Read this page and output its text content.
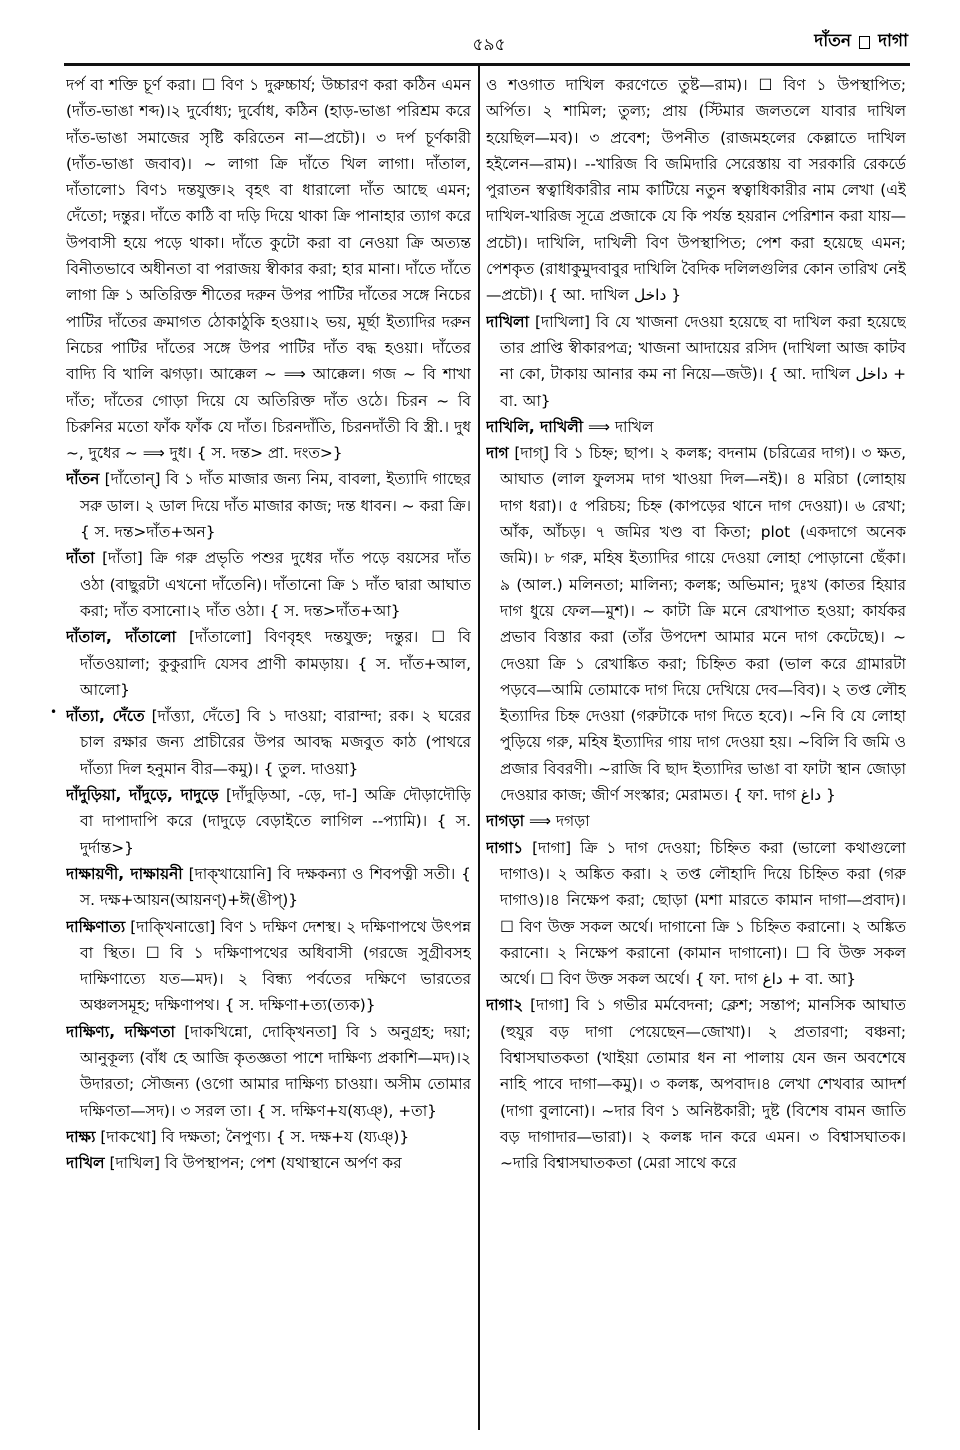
৫৯৫	দাঁতন দাগা
•

দর্প বা শক্তি চূর্ণ করা। ☐ বিণ ১ দুরুচ্চার্য; উচ্চারণ করা কঠিন এমন (দাঁত-ভাঙা শব্দ)।২ দুর্বোধ্য; দুর্বোধ, কঠিন (হাড়-ভাঙা পরিশ্রম করে দাঁত-ভাঙা সমাজের সৃষ্টি করিতেন না—প্রচৌ)। ৩ দর্প চূর্ণকারী (দাঁত-ভাঙা জবাব)। ~ লাগা ক্রি দাঁতে খিল লাগা। দাঁতাল, দাঁতালো১ বিণ১ দন্তযুক্ত।২ বৃহৎ বা ধারালো দাঁত আছে এমন; দেঁতো; দন্তুর। দাঁতে কাঠি বা দড়ি দিয়ে থাকা ক্রি পানাহার ত্যাগ করে উপবাসী হয়ে পড়ে থাকা। দাঁতে কুটো করা বা নেওয়া ক্রি অত্যন্ত বিনীতভাবে অধীনতা বা পরাজয় স্বীকার করা; হার মানা। দাঁতে দাঁতে লাগা ক্রি ১ অতিরিক্ত শীতের দরুন উপর পাটির দাঁতের সঙ্গে নিচের পাটির দাঁতের ক্রমাগত ঠোকাঠুকি হওয়া।২ ভয়, মূর্ছা ইত্যাদির দরুন নিচের পাটির দাঁতের সঙ্গে উপর পাটির দাঁত বদ্ধ হওয়া। দাঁতের বাদ্যি বি খালি ঝগড়া। আক্কেল ~ ⟹ আক্কেল। গজ ~ বি শাখা দাঁত; দাঁতের গোড়া দিয়ে যে অতিরিক্ত দাঁত ওঠে। চিরন ~ বি চিরুনির মতো ফাঁক ফাঁক যে দাঁত। চিরনদাঁতি, চিরনদাঁতী বি স্ত্রী.। দুধ ~, দুধের ~ ⟹ দুধ। { স. দন্ত> প্রা. দংত>}

দাঁতন [দাঁতোন্] বি ১ দাঁত মাজার জন্য নিম, বাবলা, ইত্যাদি গাছের সরু ডাল। ২ ডাল দিয়ে দাঁত মাজার কাজ; দন্ত ধাবন। ~ করা ক্রি। { স. দন্ত>দাঁত+অন}

দাঁতা [দাঁতা] ক্রি গরু প্রভৃতি পশুর দুধের দাঁত পড়ে বয়সের দাঁত ওঠা (বাছুরটা এখনো দাঁতেনি)। দাঁতানো ক্রি ১ দাঁত দ্বারা আঘাত করা; দাঁত বসানো।২ দাঁত ওঠা। { স. দন্ত>দাঁত+আ}

দাঁতাল, দাঁতালো [দাঁতালো] বিণবৃহৎ দন্তযুক্ত; দন্তুর। ☐ বি দাঁতওয়ালা; কুকুরাদি যেসব প্রাণী কামড়ায়। { স. দাঁত+আল, আলো}

দাঁত্যা, দেঁতে [দাঁত্ত্যা, দেঁতে] বি ১ দাওয়া; বারান্দা; রক। ২ ঘরের চাল রক্ষার জন্য প্রাচীরের উপর আবদ্ধ মজবুত কাঠ (পাথরে দাঁত্যা দিল হনুমান বীর—কমু)। { তুল. দাওয়া}

দাঁদুড়িয়া, দাঁদুড়ে, দাদুড়ে [দাঁদুড়িআ, -ড়ে, দা-] অক্রি দৌড়াদৌড়ি বা দাপাদাপি করে (দাদুড়ে বেড়াইতে লাগিল --প্যামি)। { স. দুর্দান্ত>}

দাক্ষায়ণী, দাক্ষায়নী [দাক্খায়োনি] বি দক্ষকন্যা ও শিবপত্নী সতী। { স. দক্ষ+আয়ন(আয়নণ্)+ঈ(ঙীপ্)}

দাক্ষিণাত্য [দাক্খিনাত্তো] বিণ ১ দক্ষিণ দেশস্থ। ২ দক্ষিণাপথে উৎপন্ন বা স্থিত। ☐ বি ১ দক্ষিণাপথের অধিবাসী (গরজে সুগ্রীবসহ দাক্ষিণাত্যে যত—মদ)। ২ বিন্ধ্য পর্বতের দক্ষিণে ভারতের অঞ্চলসমূহ; দক্ষিণাপথ। { স. দক্ষিণা+ত্য(ত্যক)}

দাক্ষিণ্য, দক্ষিণতা [দাকখিন্নো, দোক্খিনতা] বি ১ অনুগ্রহ; দয়া; আনুকূল্য (বাঁধ হে আজি কৃতজ্ঞতা পাশে দাক্ষিণ্য প্রকাশি—মদ)।২ উদারতা; সৌজন্য (ওগো আমার দাক্ষিণ্য চাওয়া। অসীম তোমার দক্ষিণতা—সদ)। ৩ সরল তা। { স. দক্ষিণ+য(ষ্যঞ্), +তা}

দাক্ষ্য [দাকখো] বি দক্ষতা; নৈপুণ্য। { স. দক্ষ+য (য্যঞ্)}

দাখিল [দাখিল] বি উপস্থাপন; পেশ (যথাস্থানে অর্পণ কর

ও শওগাত দাখিল করণেতে তুষ্ট—রাম)। ☐ বিণ ১ উপস্থাপিত; অর্পিত। ২ শামিল; তুল্য; প্রায় (স্টিমার জলতলে যাবার দাখিল হয়েছিল—মব)। ৩ প্রবেশ; উপনীত (রাজমহলের কেল্লাতে দাখিল হইলেন—রাম)। --খারিজ বি জমিদারি সেরেস্তায় বা সরকারি রেকর্ডে পুরাতন স্বত্বাধিকারীর নাম কাটিয়ে নতুন স্বত্বাধিকারীর নাম লেখা (এই দাখিল-খারিজ সূত্রে প্রজাকে যে কি পর্যন্ত হয়রান পেরিশান করা যায়—প্রচৌ)। দাখিলি, দাখিলী বিণ উপস্থাপিত; পেশ করা হয়েছে এমন; পেশকৃত (রাধাকুমুদবাবুর দাখিলি বৈদিক দলিলগুলির কোন তারিখ নেই—প্রচৌ)। { আ. দাখিল داخل }

দাখিলা [দাখিলা] বি যে খাজনা দেওয়া হয়েছে বা দাখিল করা হয়েছে তার প্রাপ্তি স্বীকারপত্র; খাজনা আদায়ের রসিদ (দাখিলা আজ কাটব না কো, টাকায় আনার কম না নিয়ে—জউ)। { আ. দাখিল داخل + বা. আ}

দাখিলি, দাখিলী ⟹ দাখিল

দাগ [দাগ্] বি ১ চিহ্ন; ছাপ। ২ কলঙ্ক; বদনাম (চরিত্রের দাগ)। ৩ ক্ষত, আঘাত (লাল ফুলসম দাগ খাওয়া দিল—নই)। ৪ মরিচা (লোহায় দাগ ধরা)। ৫ পরিচয়; চিহ্ন (কাপড়ের থানে দাগ দেওয়া)। ৬ রেখা; আঁক, আঁচড়। ৭ জমির খণ্ড বা কিতা; plot (একদাগে অনেক জমি)। ৮ গরু, মহিষ ইত্যাদির গায়ে দেওয়া লোহা পোড়ানো ছেঁকা। ৯ (আল.) মলিনতা; মালিন্য; কলঙ্ক; অভিমান; দুঃখ (কাতর হিয়ার দাগ ধুয়ে ফেল—মুশ)। ~ কাটা ক্রি মনে রেখাপাত হওয়া; কার্যকর প্রভাব বিস্তার করা (তাঁর উপদেশ আমার মনে দাগ কেটেছে)। ~ দেওয়া ক্রি ১ রেখাঙ্কিত করা; চিহ্নিত করা (ভাল করে গ্রামারটা পড়বে—আমি তোমাকে দাগ দিয়ে দেখিয়ে দেব—বিব)। ২ তপ্ত লৌহ ইত্যাদির চিহ্ন দেওয়া (গরুটাকে দাগ দিতে হবে)। ~নি বি যে লোহা পুড়িয়ে গরু, মহিষ ইত্যাদির গায় দাগ দেওয়া হয়। ~বিলি বি জমি ও প্রজার বিবরণী। ~রাজি বি ছাদ ইত্যাদির ভাঙা বা ফাটা স্থান জোড়া দেওয়ার কাজ; জীর্ণ সংস্কার; মেরামত। { ফা. দাগ داغ }

দাগড়া ⟹ দগড়া

দাগা১ [দাগা] ক্রি ১ দাগ দেওয়া; চিহ্নিত করা (ভালো কথাগুলো দাগাও)। ২ অঙ্কিত করা। ২ তপ্ত লৌহাদি দিয়ে চিহ্নিত করা (গরু দাগাও)।৪ নিক্ষেপ করা; ছোড়া (মশা মারতে কামান দাগা—প্রবাদ)। ☐ বিণ উক্ত সকল অর্থে। দাগানো ক্রি ১ চিহ্নিত করানো। ২ অঙ্কিত করানো। ২ নিক্ষেপ করানো (কামান দাগানো)। ☐ বি উক্ত সকল অর্থে। ☐ বিণ উক্ত সকল অর্থে। { ফা. দাগ داغ + বা. আ}

দাগা২ [দাগা] বি ১ গভীর মর্মবেদনা; ক্লেশ; সন্তাপ; মানসিক আঘাত (হুযুর বড় দাগা পেয়েছেন—জোখা)। ২ প্রতারণা; বঞ্চনা; বিশ্বাসঘাতকতা (খাইয়া তোমার ধন না পালায় যেন জন অবশেষে নাহি পাবে দাগা—কমু)। ৩ কলঙ্ক, অপবাদ।৪ লেখা শেখবার আদর্শ (দাগা বুলানো)। ~দার বিণ ১ অনিষ্টকারী; দুষ্ট (বিশেষ বামন জাতি বড় দাগাদার—ভারা)। ২ কলঙ্ক দান করে এমন। ৩ বিশ্বাসঘাতক। ~দারি বিশ্বাসঘাতকতা (মেরা সাথে করে
